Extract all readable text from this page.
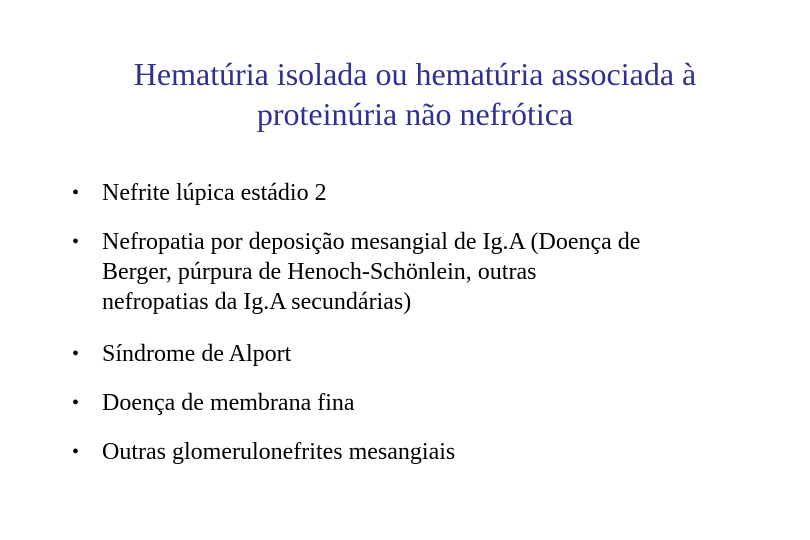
Hematúria isolada ou hematúria associada à
proteinúria não nefrótica
• Nefrite lúpica estádio 2
• Nefropatia por deposição mesangial de Ig.A (Doença de
Berger, púrpura de Henoch-Schönlein, outras
nefropatias da Ig.A secundárias)
• Síndrome de Alport
• Doença de membrana fina
• Outras glomerulonefrites mesangiais
